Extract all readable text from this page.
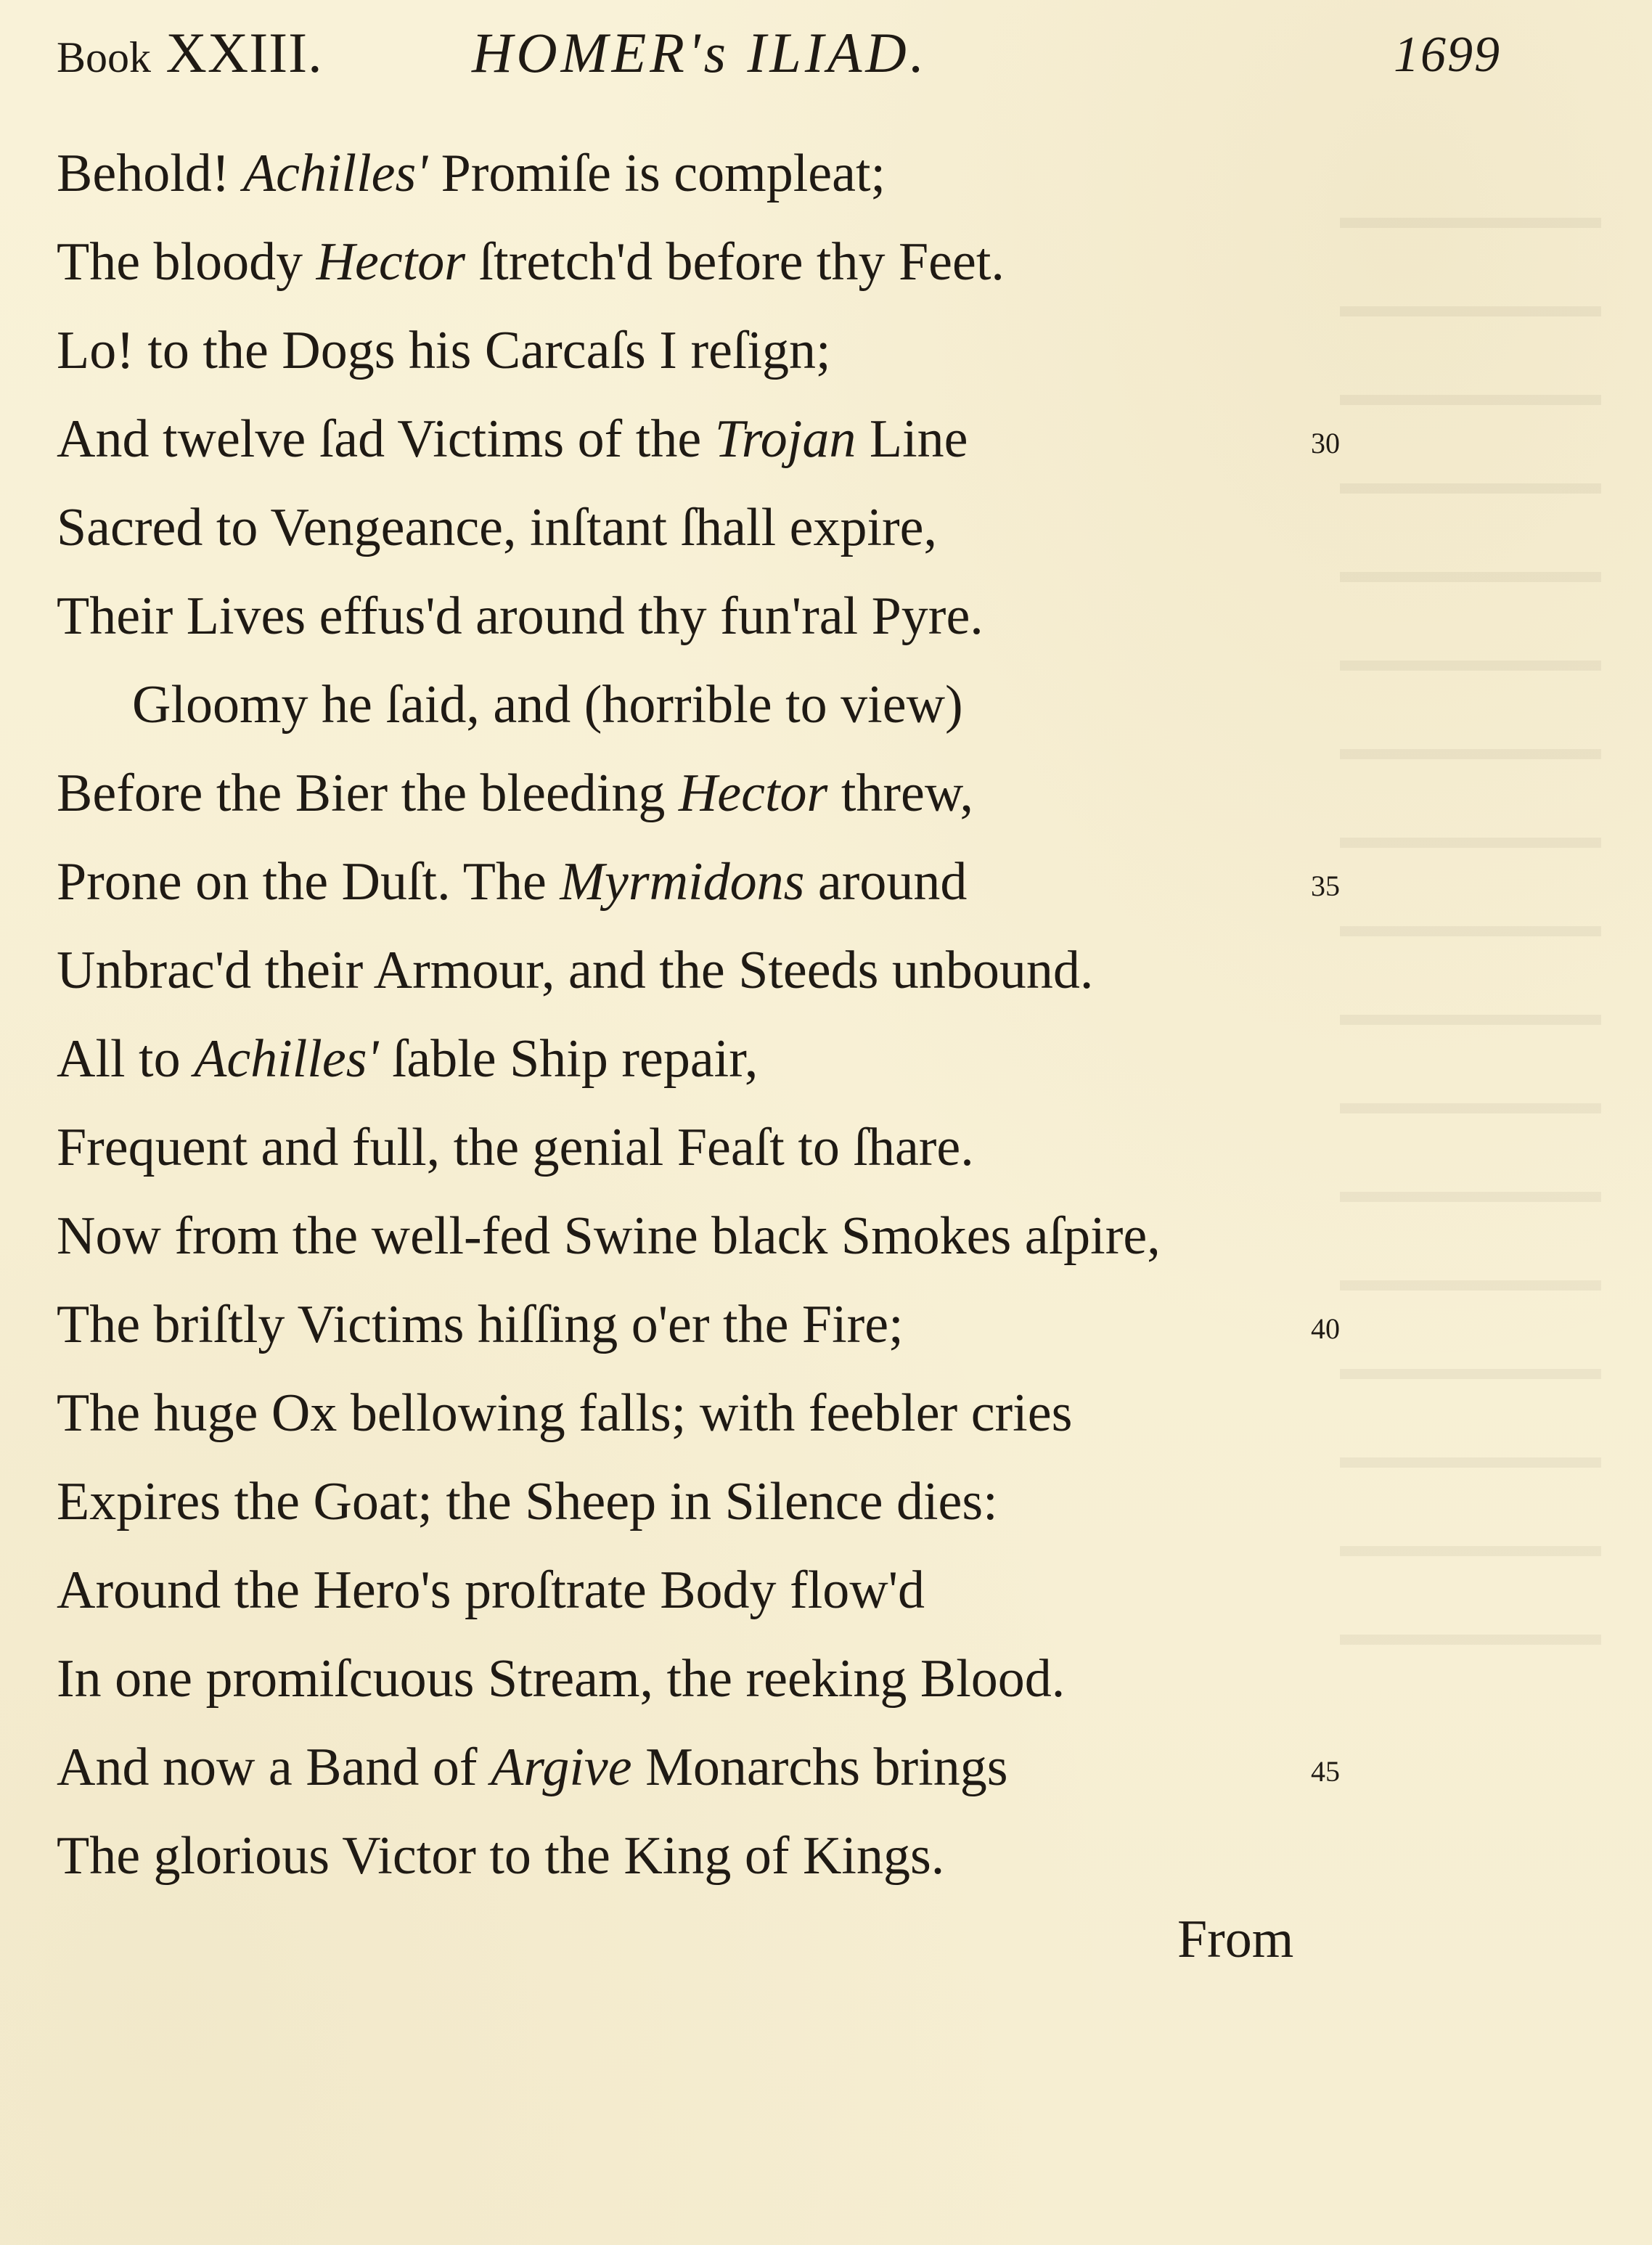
Book XXIII.	HOMER's ILIAD.	1699
Behold! Achilles' Promiſe is compleat;
The bloody Hector ſtretch'd before thy Feet.
Lo! to the Dogs his Carcaſs I reſign;
And twelve ſad Victims of the Trojan Line	30
Sacred to Vengeance, inſtant ſhall expire,
Their Lives effus'd around thy fun'ral Pyre.
Gloomy he ſaid, and (horrible to view)
Before the Bier the bleeding Hector threw,
Prone on the Duſt. The Myrmidons around	35
Unbrac'd their Armour, and the Steeds unbound.
All to Achilles' ſable Ship repair,
Frequent and full, the genial Feaſt to ſhare.
Now from the well-fed Swine black Smokes aſpire,
The briſtly Victims hiſſing o'er the Fire;	40
The huge Ox bellowing falls; with feebler cries
Expires the Goat; the Sheep in Silence dies:
Around the Hero's proſtrate Body flow'd
In one promiſcuous Stream, the reeking Blood.
And now a Band of Argive Monarchs brings	45
The glorious Victor to the King of Kings.
From
